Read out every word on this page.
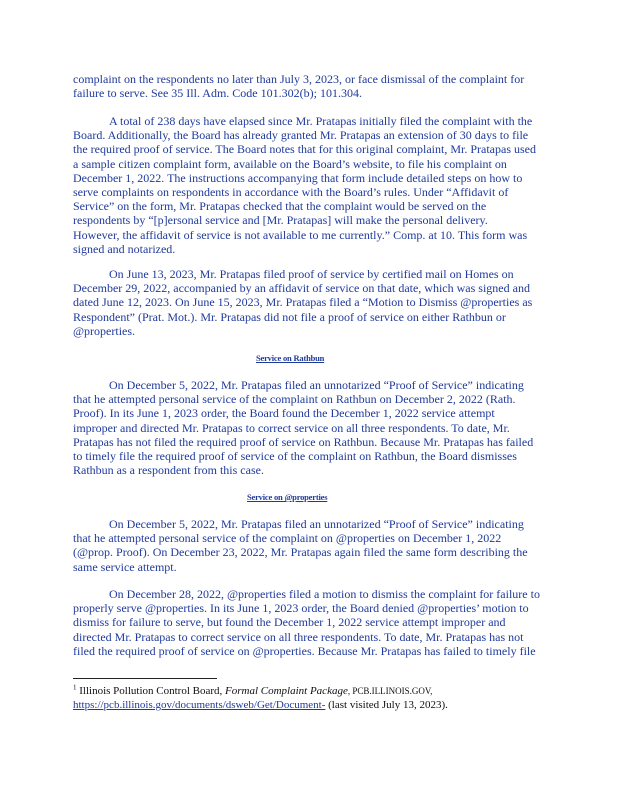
complaint on the respondents no later than July 3, 2023, or face dismissal of the complaint for
failure to serve. See 35 Ill. Adm. Code 101.302(b); 101.304.
A total of 238 days have elapsed since Mr. Pratapas initially filed the complaint with the
Board. Additionally, the Board has already granted Mr. Pratapas an extension of 30 days to file
the required proof of service. The Board notes that for this original complaint, Mr. Pratapas used
a sample citizen complaint form, available on the Board’s website, to file his complaint on
December 1, 2022. The instructions accompanying that form include detailed steps on how to
serve complaints on respondents in accordance with the Board’s rules. Under “Affidavit of
Service” on the form, Mr. Pratapas checked that the complaint would be served on the
respondents by “[p]ersonal service and [Mr. Pratapas] will make the personal delivery.
However, the affidavit of service is not available to me currently.” Comp. at 10. This form was
signed and notarized.
On June 13, 2023, Mr. Pratapas filed proof of service by certified mail on Homes on
December 29, 2022, accompanied by an affidavit of service on that date, which was signed and
dated June 12, 2023. On June 15, 2023, Mr. Pratapas filed a “Motion to Dismiss @properties as
Respondent” (Prat. Mot.). Mr. Pratapas did not file a proof of service on either Rathbun or
@properties.
Service on Rathbun
On December 5, 2022, Mr. Pratapas filed an unnotarized “Proof of Service” indicating
that he attempted personal service of the complaint on Rathbun on December 2, 2022 (Rath.
Proof). In its June 1, 2023 order, the Board found the December 1, 2022 service attempt
improper and directed Mr. Pratapas to correct service on all three respondents. To date, Mr.
Pratapas has not filed the required proof of service on Rathbun. Because Mr. Pratapas has failed
to timely file the required proof of service of the complaint on Rathbun, the Board dismisses
Rathbun as a respondent from this case.
Service on @properties
On December 5, 2022, Mr. Pratapas filed an unnotarized “Proof of Service” indicating
that he attempted personal service of the complaint on @properties on December 1, 2022
(@prop. Proof). On December 23, 2022, Mr. Pratapas again filed the same form describing the
same service attempt.
On December 28, 2022, @properties filed a motion to dismiss the complaint for failure to
properly serve @properties. In its June 1, 2023 order, the Board denied @properties’ motion to
dismiss for failure to serve, but found the December 1, 2022 service attempt improper and
directed Mr. Pratapas to correct service on all three respondents. To date, Mr. Pratapas has not
filed the required proof of service on @properties. Because Mr. Pratapas has failed to timely file
$^1$ Illinois Pollution Control Board, Formal Complaint Package, PCB.ILLINOIS.GOV,
https://pcb.illinois.gov/documents/dsweb/Get/Document- (last visited July 13, 2023).
